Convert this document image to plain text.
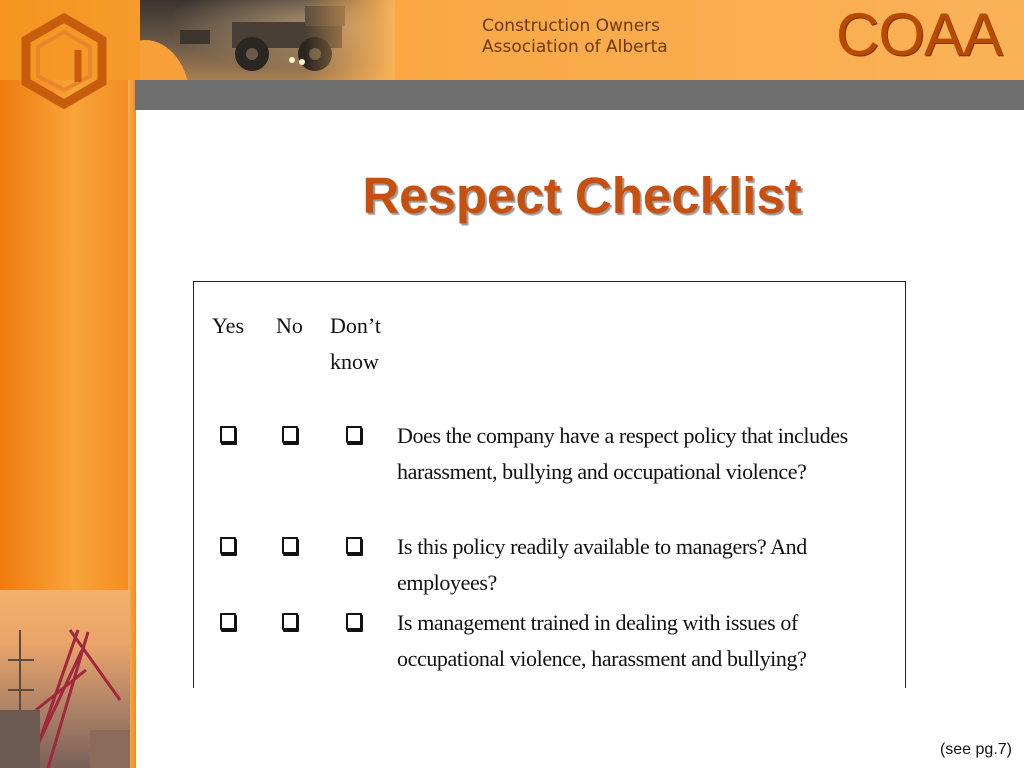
Construction Owners
Association of Alberta	COAA
Respect Checklist
Yes No Don’t know
Does the company have a respect policy that includes harassment, bullying and occupational violence?
Is this policy readily available to managers? And employees?
Is management trained in dealing with issues of occupational violence, harassment and bullying?
(see pg.7)
